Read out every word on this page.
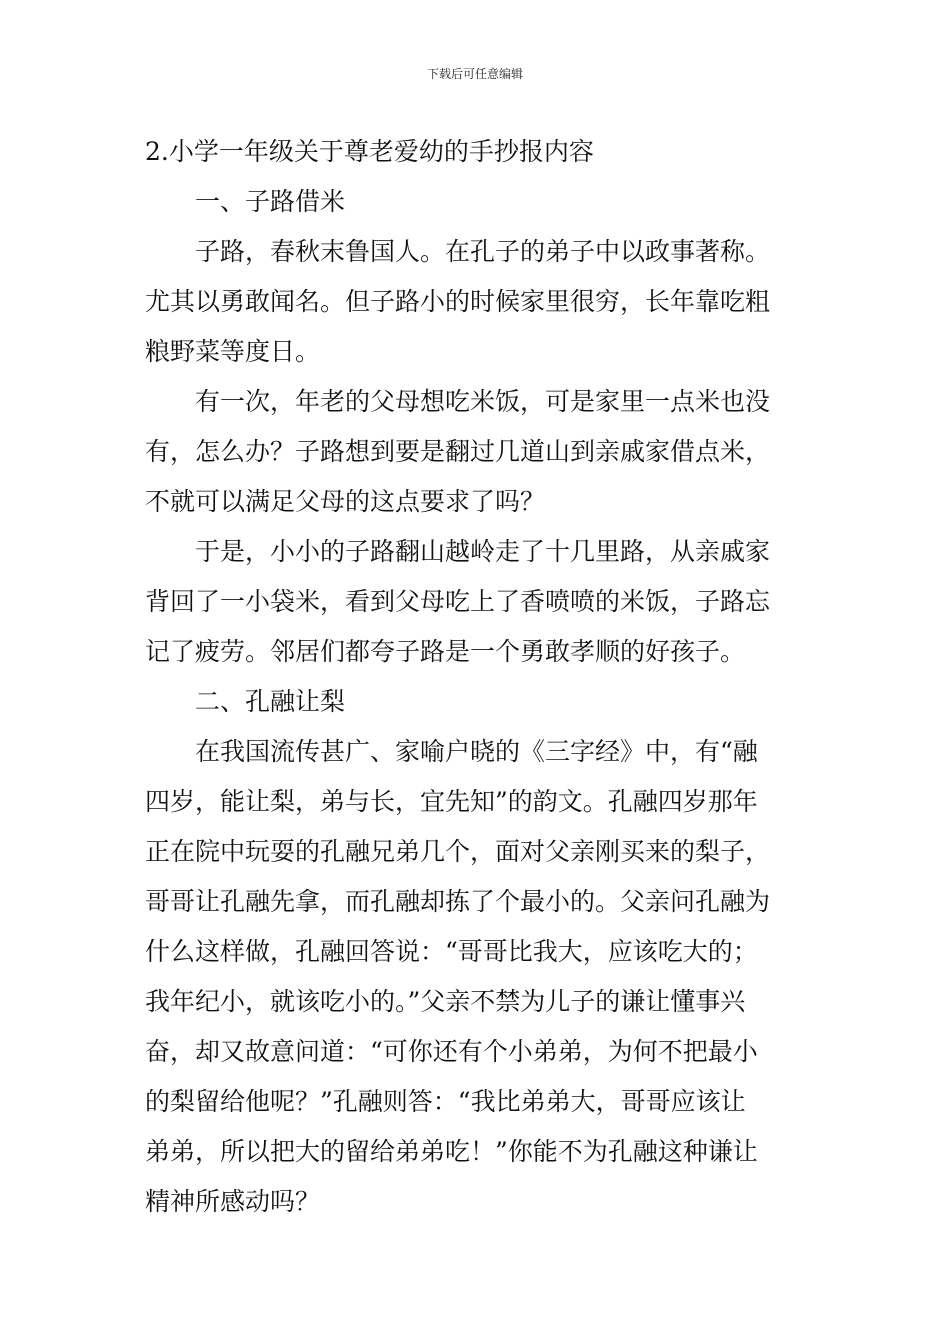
下载后可任意编辑
2.小学一年级关于尊老爱幼的手抄报内容
一、子路借米

子路，春秋末鲁国人。在孔子的弟子中以政事著称。
尤其以勇敢闻名。但子路小的时候家里很穷，长年靠吃粗
粮野菜等度日。

有一次，年老的父母想吃米饭，可是家里一点米也没
有，怎么办？子路想到要是翻过几道山到亲戚家借点米，
不就可以满足父母的这点要求了吗？

于是，小小的子路翻山越岭走了十几里路，从亲戚家
背回了一小袋米，看到父母吃上了香喷喷的米饭，子路忘
记了疲劳。邻居们都夸子路是一个勇敢孝顺的好孩子。

二、孔融让梨

在我国流传甚广、家喻户晓的《三字经》中，有“融
四岁，能让梨，弟与长，宜先知”的韵文。孔融四岁那年
正在院中玩耍的孔融兄弟几个，面对父亲刚买来的梨子，
哥哥让孔融先拿，而孔融却拣了个最小的。父亲问孔融为
什么这样做，孔融回答说：“哥哥比我大，应该吃大的；
我年纪小，就该吃小的。”父亲不禁为儿子的谦让懂事兴
奋，却又故意问道：“可你还有个小弟弟，为何不把最小
的梨留给他呢？”孔融则答：“我比弟弟大，哥哥应该让
弟弟，所以把大的留给弟弟吃！”你能不为孔融这种谦让
精神所感动吗？
